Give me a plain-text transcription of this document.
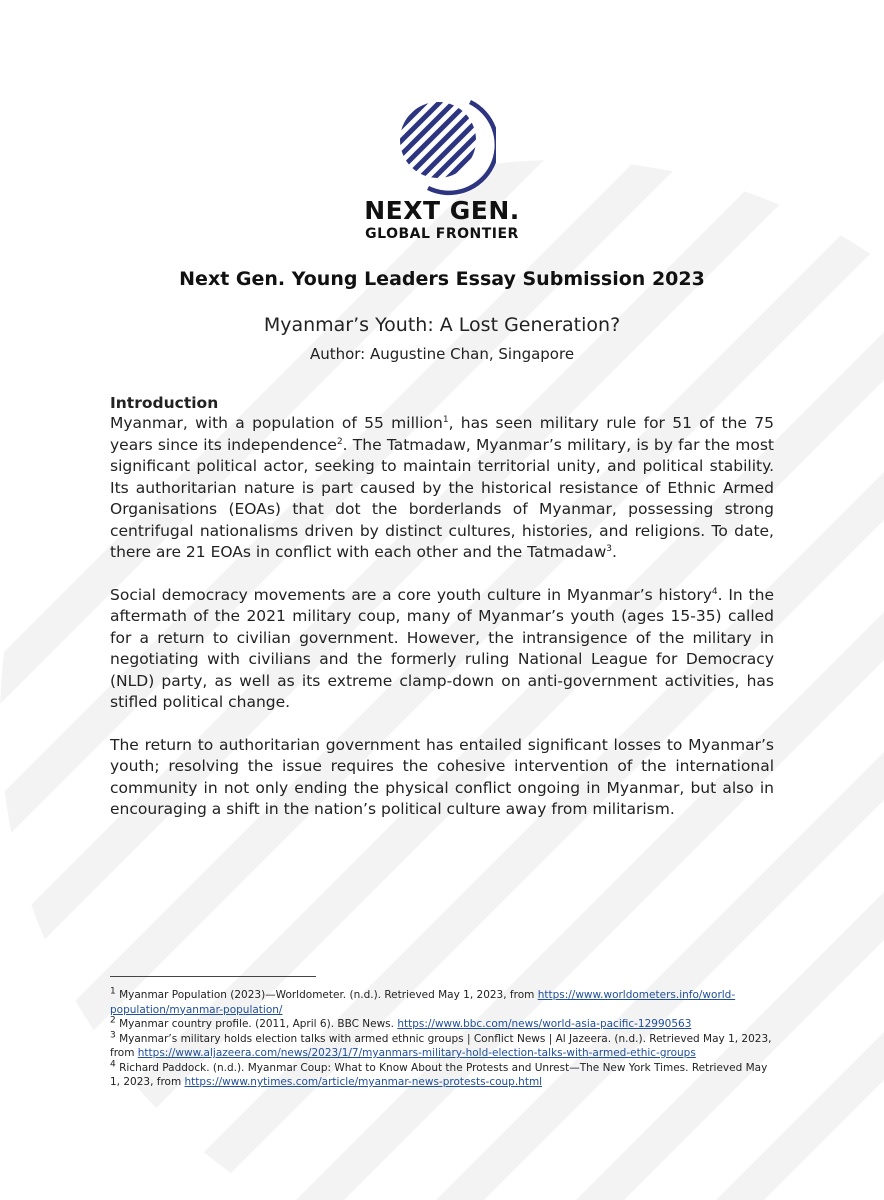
NEXT GEN.
GLOBAL FRONTIER
Next Gen. Young Leaders Essay Submission 2023
Myanmar’s Youth: A Lost Generation?
Author: Augustine Chan, Singapore
Introduction

Myanmar, with a population of 55 million$^1$, has seen military rule for 51 of the 75 years since its independence$^2$. The Tatmadaw, Myanmar’s military, is by far the most significant political actor, seeking to maintain territorial unity, and political stability. Its authoritarian nature is part caused by the historical resistance of Ethnic Armed Organisations (EOAs) that dot the borderlands of Myanmar, possessing strong centrifugal nationalisms driven by distinct cultures, histories, and religions. To date, there are 21 EOAs in conflict with each other and the Tatmadaw$^3$.

Social democracy movements are a core youth culture in Myanmar’s history$^4$. In the aftermath of the 2021 military coup, many of Myanmar’s youth (ages 15-35) called for a return to civilian government. However, the intransigence of the military in negotiating with civilians and the formerly ruling National League for Democracy (NLD) party, as well as its extreme clamp-down on anti-government activities, has stifled political change.

The return to authoritarian government has entailed significant losses to Myanmar’s youth; resolving the issue requires the cohesive intervention of the international community in not only ending the physical conflict ongoing in Myanmar, but also in encouraging a shift in the nation’s political culture away from militarism.

$^1$ Myanmar Population (2023)—Worldometer. (n.d.). Retrieved May 1, 2023, from https://www.worldometers.info/world-population/myanmar-population/

$^2$ Myanmar country profile. (2011, April 6). BBC News. https://www.bbc.com/news/world-asia-pacific-12990563

$^3$ Myanmar’s military holds election talks with armed ethnic groups | Conflict News | Al Jazeera. (n.d.). Retrieved May 1, 2023, from https://www.aljazeera.com/news/2023/1/7/myanmars-military-hold-election-talks-with-armed-ethic-groups

$^4$ Richard Paddock. (n.d.). Myanmar Coup: What to Know About the Protests and Unrest—The New York Times. Retrieved May 1, 2023, from https://www.nytimes.com/article/myanmar-news-protests-coup.html
